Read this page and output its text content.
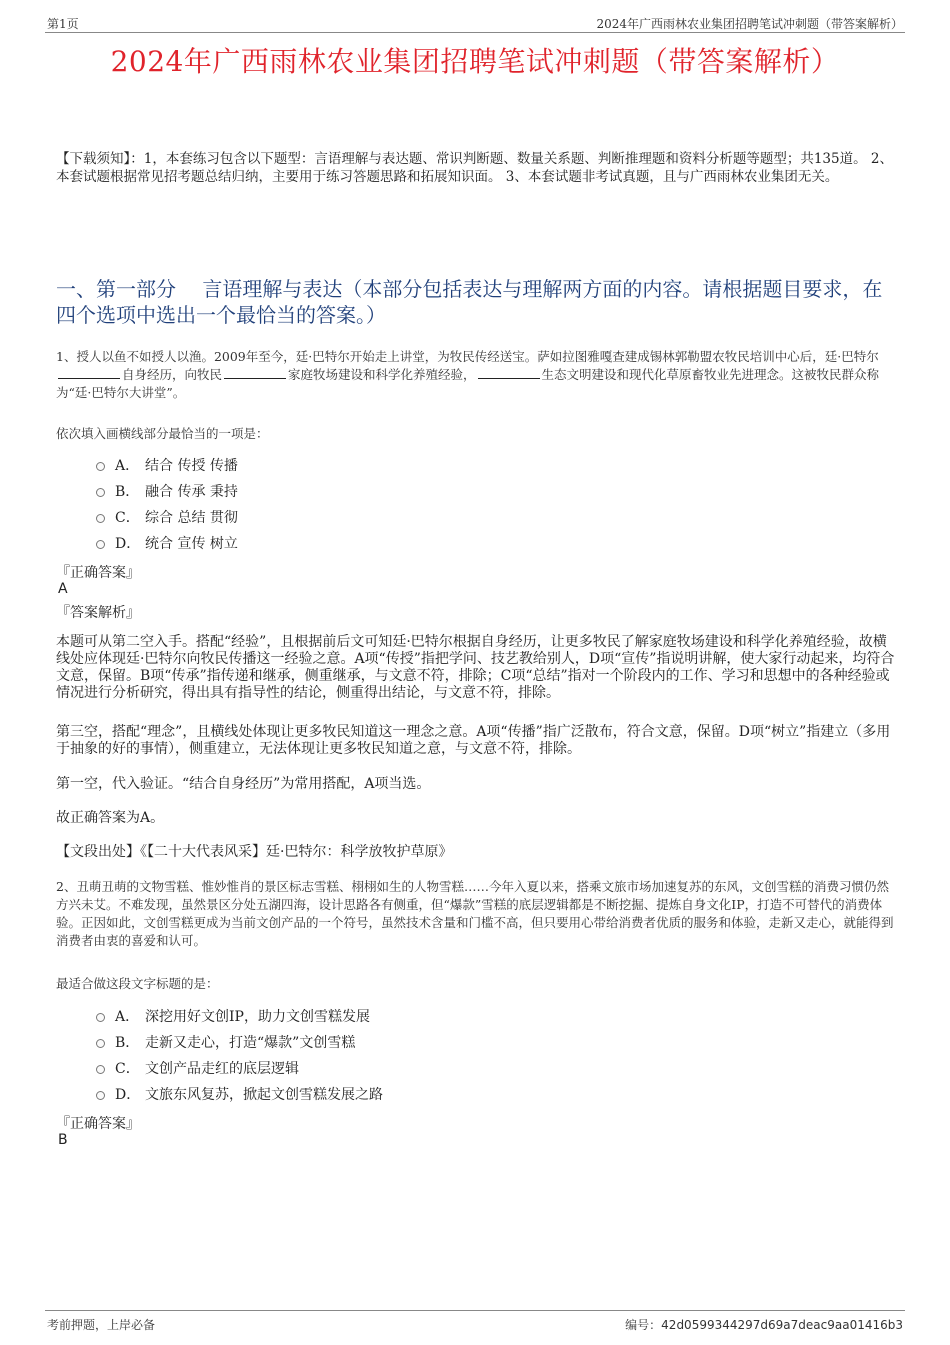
第1页	2024年广西雨林农业集团招聘笔试冲刺题（带答案解析）
2024年广西雨林农业集团招聘笔试冲刺题（带答案解析）
【下载须知】：1，本套练习包含以下题型：言语理解与表达题、常识判断题、数量关系题、判断推理题和资料分析题等题型；共135道。 2、本套试题根据常见招考题总结归纳，主要用于练习答题思路和拓展知识面。 3、本套试题非考试真题，且与广西雨林农业集团无关。
一、第一部分　 言语理解与表达（本部分包括表达与理解两方面的内容。请根据题目要求，在四个选项中选出一个最恰当的答案。）
1、授人以鱼不如授人以渔。2009年至今，廷·巴特尔开始走上讲堂，为牧民传经送宝。萨如拉图雅嘎查建成锡林郭勒盟农牧民培训中心后，廷·巴特尔自身经历，向牧民	家庭牧场建设和科学化养殖经验，	生态文明建设和现代化草原畜牧业先进理念。这被牧民群众称为“廷·巴特尔大讲堂”。
依次填入画横线部分最恰当的一项是：
A． 结合 传授 传播
B． 融合 传承 秉持
C． 综合 总结 贯彻
D． 统合 宣传 树立
『正确答案』
A
『答案解析』
本题可从第二空入手。搭配“经验”，且根据前后文可知廷·巴特尔根据自身经历，让更多牧民了解家庭牧场建设和科学化养殖经验，故横线处应体现廷·巴特尔向牧民传播这一经验之意。A项“传授”指把学问、技艺教给别人，D项“宣传”指说明讲解，使大家行动起来，均符合文意，保留。B项“传承”指传递和继承，侧重继承，与文意不符，排除；C项“总结”指对一个阶段内的工作、学习和思想中的各种经验或情况进行分析研究，得出具有指导性的结论，侧重得出结论，与文意不符，排除。
第三空，搭配“理念”，且横线处体现让更多牧民知道这一理念之意。A项“传播”指广泛散布，符合文意，保留。D项“树立”指建立（多用于抽象的好的事情），侧重建立，无法体现让更多牧民知道之意，与文意不符，排除。
第一空，代入验证。“结合自身经历”为常用搭配，A项当选。
故正确答案为A。
【文段出处】《【二十大代表风采】廷·巴特尔：科学放牧护草原》
2、丑萌丑萌的文物雪糕、惟妙惟肖的景区标志雪糕、栩栩如生的人物雪糕……今年入夏以来，搭乘文旅市场加速复苏的东风，文创雪糕的消费习惯仍然方兴未艾。不难发现，虽然景区分处五湖四海，设计思路各有侧重，但“爆款”雪糕的底层逻辑都是不断挖掘、提炼自身文化IP，打造不可替代的消费体验。正因如此，文创雪糕更成为当前文创产品的一个符号，虽然技术含量和门槛不高，但只要用心带给消费者优质的服务和体验，走新又走心，就能得到消费者由衷的喜爱和认可。
最适合做这段文字标题的是：
A． 深挖用好文创IP，助力文创雪糕发展
B． 走新又走心，打造“爆款”文创雪糕
C． 文创产品走红的底层逻辑
D． 文旅东风复苏，掀起文创雪糕发展之路
『正确答案』
B
考前押题，上岸必备	编号：42d0599344297d69a7deac9aa01416b3
